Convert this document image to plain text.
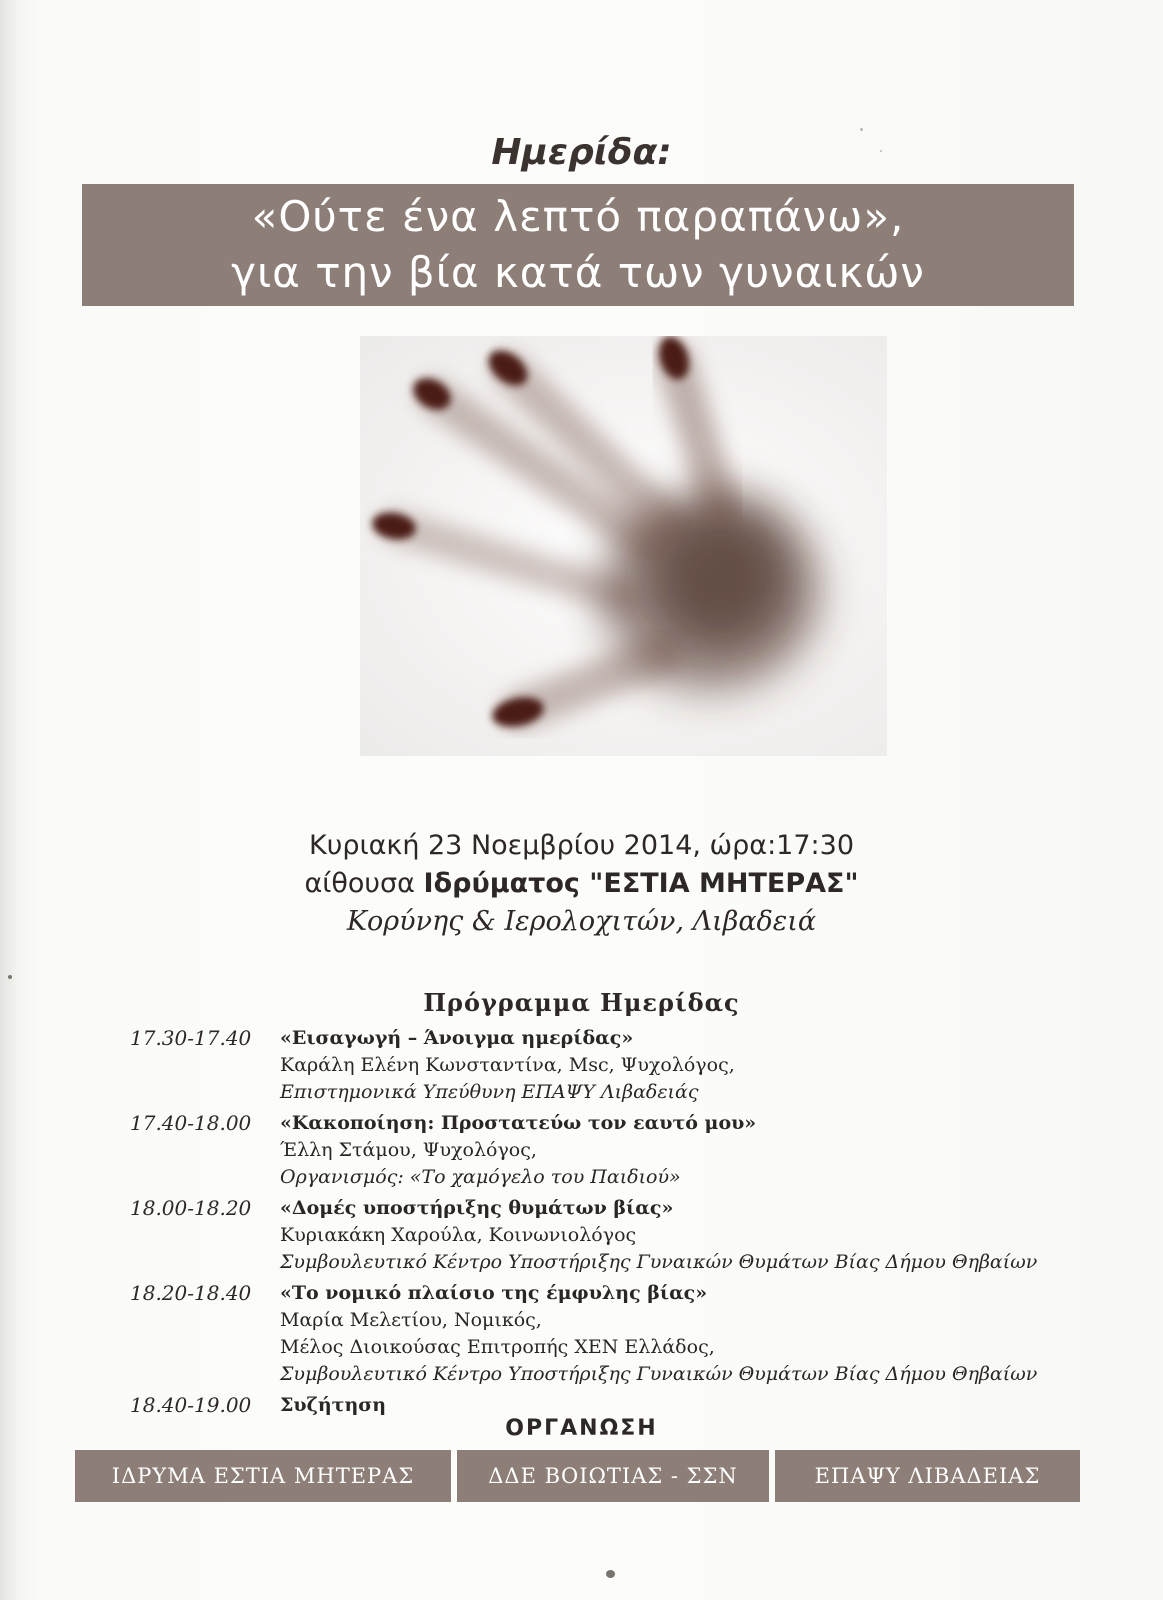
Ημερίδα:
«Ούτε ένα λεπτό παραπάνω»,
για την βία κατά των γυναικών
Κυριακή 23 Νοεμβρίου 2014, ώρα:17:30
αίθουσα Ιδρύματος "ΕΣΤΙΑ ΜΗΤΕΡΑΣ"
Κορύνης & Ιερολοχιτών, Λιβαδειά
Πρόγραμμα Ημερίδας
17.30-17.40	«Εισαγωγή – Άνοιγμα ημερίδας»
Καράλη Ελένη Κωνσταντίνα, Msc, Ψυχολόγος,
Επιστημονικά Υπεύθυνη ΕΠΑΨΥ Λιβαδειάς
17.40-18.00	«Κακοποίηση: Προστατεύω τον εαυτό μου»
Έλλη Στάμου, Ψυχολόγος,
Οργανισμός: «Το χαμόγελο του Παιδιού»
18.00-18.20	«Δομές υποστήριξης θυμάτων βίας»
Κυριακάκη Χαρούλα, Κοινωνιολόγος
Συμβουλευτικό Κέντρο Υποστήριξης Γυναικών Θυμάτων Βίας Δήμου Θηβαίων
18.20-18.40	«Το νομικό πλαίσιο της έμφυλης βίας»
Μαρία Μελετίου, Νομικός,
Μέλος Διοικούσας Επιτροπής ΧΕΝ Ελλάδος,
Συμβουλευτικό Κέντρο Υποστήριξης Γυναικών Θυμάτων Βίας Δήμου Θηβαίων
18.40-19.00	Συζήτηση
ΟΡΓΑΝΩΣΗ
ΙΔΡΥΜΑ ΕΣΤΙΑ ΜΗΤΕΡΑΣ	ΔΔΕ ΒΟΙΩΤΙΑΣ - ΣΣΝ	ΕΠΑΨΥ ΛΙΒΑΔΕΙΑΣ
